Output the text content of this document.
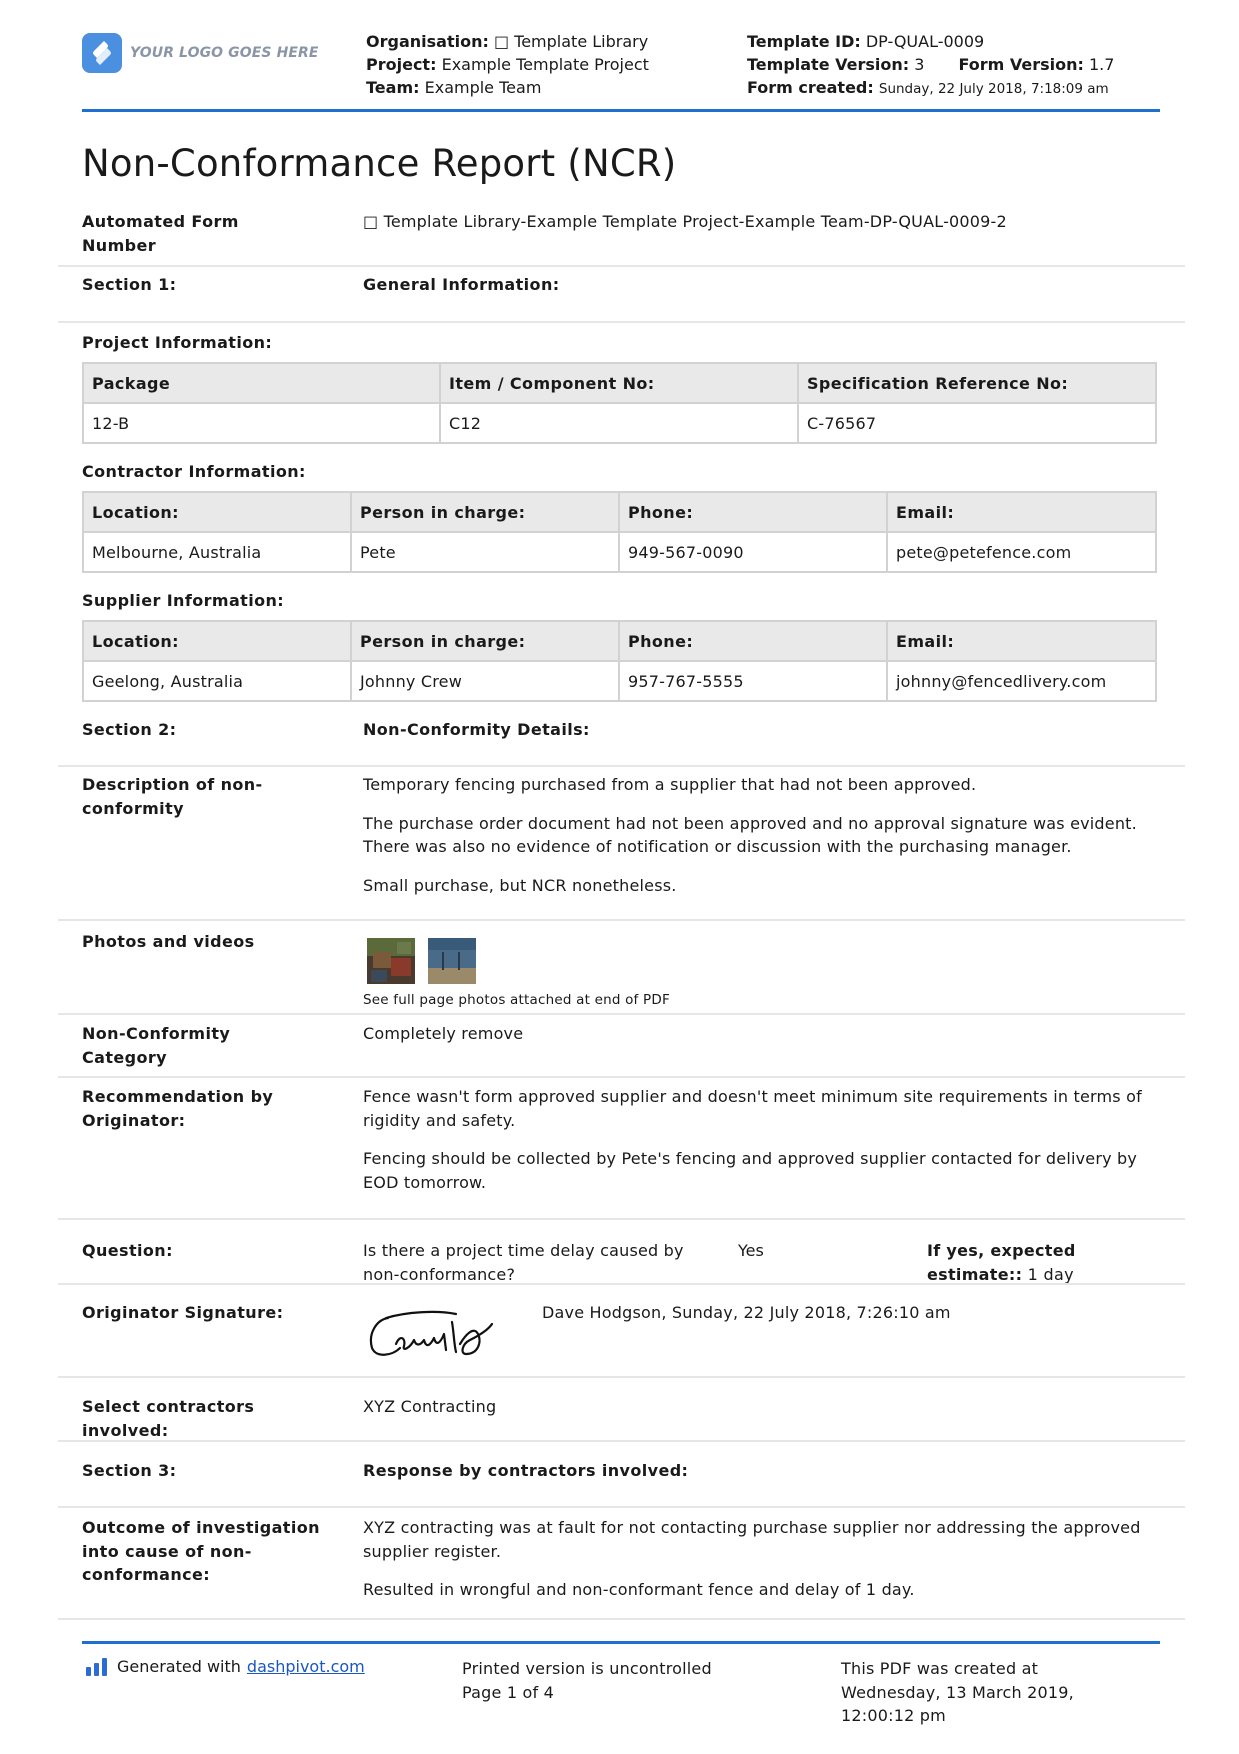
YOUR LOGO GOES HERE
Organisation: □ Template Library
Project: Example Template Project
Team: Example Team
Template ID: DP-QUAL-0009
Template Version: 3 Form Version: 1.7
Form created: Sunday, 22 July 2018, 7:18:09 am
Non-Conformance Report (NCR)
Automated Form Number
□ Template Library-Example Template Project-Example Team-DP-QUAL-0009-2
Section 1:	General Information:
Project Information:
Package	Item / Component No:	Specification Reference No:
12-B	C12	C-76567
Contractor Information:
Location:	Person in charge:	Phone:	Email:
Melbourne, Australia	Pete	949-567-0090	pete@petefence.com
Supplier Information:
Location:	Person in charge:	Phone:	Email:
Geelong, Australia	Johnny Crew	957-767-5555	johnny@fencedlivery.com
Section 2:	Non-Conformity Details:
Description of non-conformity

Temporary fencing purchased from a supplier that had not been approved.

The purchase order document had not been approved and no approval signature was evident. There was also no evidence of notification or discussion with the purchasing manager.

Small purchase, but NCR nonetheless.

Photos and videos
See full page photos attached at end of PDF
Non-Conformity Category
Completely remove
Recommendation by Originator:

Fence wasn't form approved supplier and doesn't meet minimum site requirements in terms of rigidity and safety.

Fencing should be collected by Pete's fencing and approved supplier contacted for delivery by EOD tomorrow.

Question:	Is there a project time delay caused by non-conformance?
Yes	If yes, expected estimate:: 1 day
Originator Signature:	Dave Hodgson, Sunday, 22 July 2018, 7:26:10 am
Select contractors involved:
XYZ Contracting
Section 3:	Response by contractors involved:
Outcome of investigation into cause of non-conformance:

XYZ contracting was at fault for not contacting purchase supplier nor addressing the approved supplier register.

Resulted in wrongful and non-conformant fence and delay of 1 day.

Generated with dashpivot.com	Printed version is uncontrolled
Page 1 of 4
This PDF was created at
Wednesday, 13 March 2019,
12:00:12 pm
